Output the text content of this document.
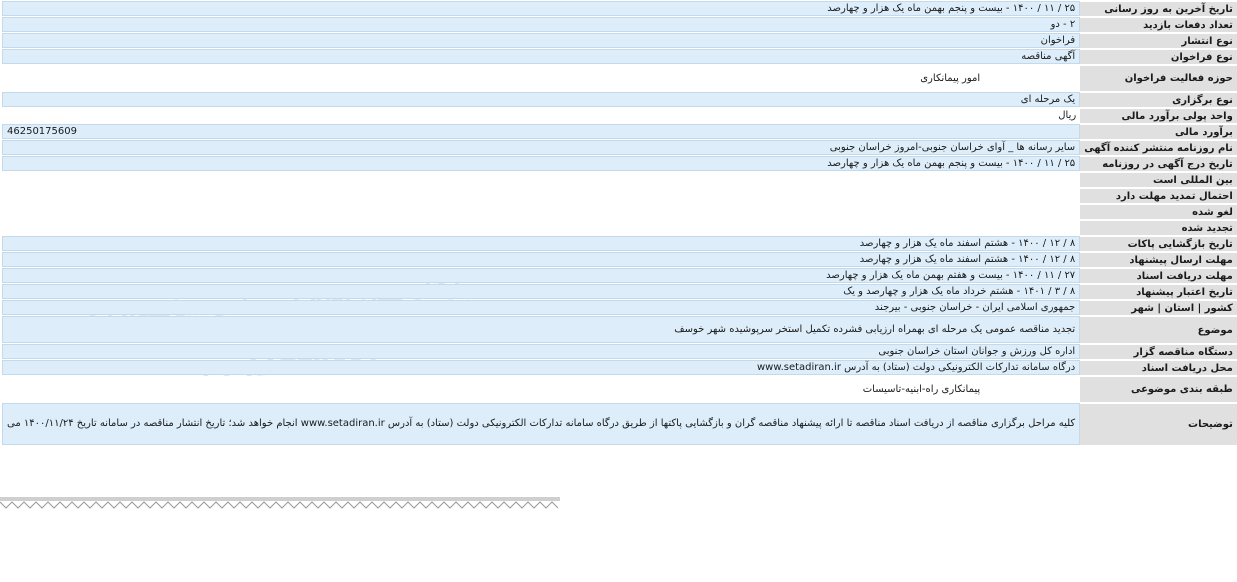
تاریخ آخرین به روز رسانی	۲۵ / ۱۱ / ۱۴۰۰ - بیست و پنجم بهمن ماه یک هزار و چهارصد
تعداد دفعات بازدید	۲ - دو
نوع انتشار	فراخوان
نوع فراخوان	آگهی مناقصه
حوزه فعالیت فراخوان	امور پیمانکاری
نوع برگزاری	یک مرحله ای
واحد پولی برآورد مالی	ریال
برآورد مالی	46250175609
نام روزنامه منتشر کننده آگهی	سایر رسانه ها _ آوای خراسان جنوبی-امروز خراسان جنوبی
تاریخ درج آگهی در روزنامه	۲۵ / ۱۱ / ۱۴۰۰ - بیست و پنجم بهمن ماه یک هزار و چهارصد
بین المللی است	
احتمال تمدید مهلت دارد	
لغو شده	
تجدید شده	
تاریخ بازگشایی پاکات	۸ / ۱۲ / ۱۴۰۰ - هشتم اسفند ماه یک هزار و چهارصد
مهلت ارسال پیشنهاد	۸ / ۱۲ / ۱۴۰۰ - هشتم اسفند ماه یک هزار و چهارصد
مهلت دریافت اسناد	۲۷ / ۱۱ / ۱۴۰۰ - بیست و هفتم بهمن ماه یک هزار و چهارصد
تاریخ اعتبار پیشنهاد	۸ / ۳ / ۱۴۰۱ - هشتم خرداد ماه یک هزار و چهارصد و یک
کشور | استان | شهر	جمهوری اسلامی ایران - خراسان جنوبی - بیرجند
موضوع	تجدید مناقصه عمومی یک مرحله ای بهمراه ارزیابی فشرده تکمیل استخر سرپوشیده شهر خوسف
دستگاه مناقصه گزار	اداره کل ورزش و جوانان استان خراسان جنوبی
محل دریافت اسناد	درگاه سامانه تدارکات الکترونیکی دولت (ستاد) به آدرس www.setadiran.ir
طبقه بندی موضوعی	پیمانکاری راه-ابنیه-تاسیسات
توضیحات	کلیه مراحل برگزاری مناقصه از دریافت اسناد مناقصه تا ارائه پیشنهاد مناقصه گران و بازگشایی پاکتها از طریق درگاه سامانه تدارکات الکترونیکی دولت (ستاد) به آدرس www.setadiran.ir انجام خواهد شد؛ تاریخ انتشار مناقصه در سامانه تاریخ ۱۴۰۰/۱۱/۲۴ می
